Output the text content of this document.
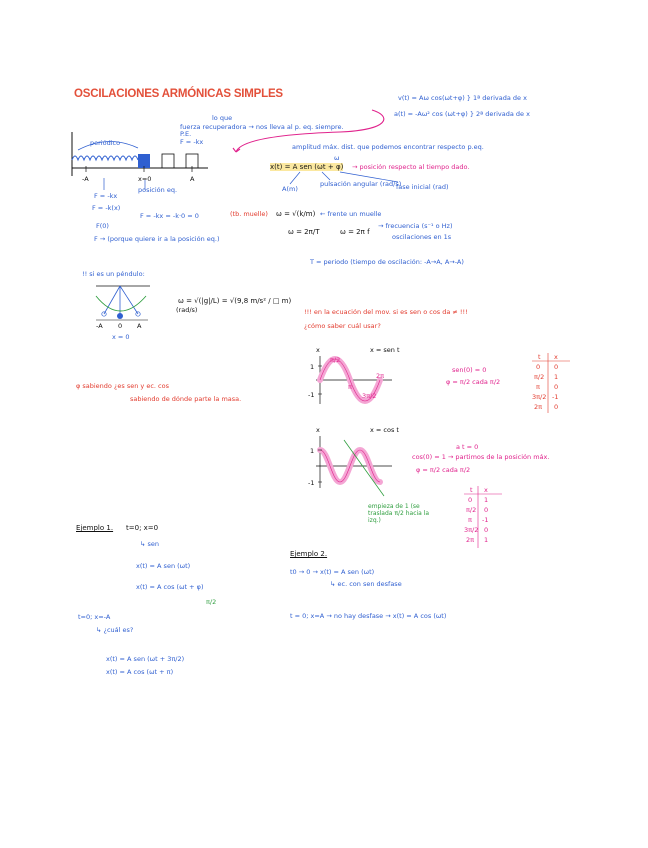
OSCILACIONES ARMÓNICAS SIMPLES	v(t) = Aω cos(ωt+φ) } 1ª derivada de x
a(t) = -Aω² cos (ωt+φ) } 2ª derivada de x
periódico
lo que
fuerza recuperadora → nos lleva al p. eq. siempre.
P.E.
F = -kx
-A	x=0	A
posición eq.
F = -kx
F = -k(x)
F(0)
F = -kx = -k·0 = 0
F → (porque quiere ir a la posición eq.)
amplitud máx. dist. que podemos encontrar respecto p.eq.
x(t) = A sen (ωt + φ)
ω
→ posición respecto al tiempo dado.
A(m)
pulsación angular (rad/s)
fase inicial (rad)
(tb. muelle) ω = √(k/m) ← frente un muelle
ω = 2π/T	ω = 2π f
→ frecuencia (s⁻¹ o Hz)
oscilaciones en 1s
T = periodo (tiempo de oscilación: -A→A, A→-A)
!! si es un péndulo:
-A 0 A
x = 0
ω = √(|g|/L) = √(9,8 m/s² / □ m)
(rad/s)	!!! en la ecuación del mov. si es sen o cos da ≠ !!!
¿cómo saber cuál usar?
φ sabiendo ¿es sen y ec. cos
sabiendo de dónde parte la masa.
x	x = sen t
1
-1
π/2
π
3π/2
2π
sen(0) = 0
φ = π/2 cada π/2
t x
0 0
π/2 1
π 0
3π/2 -1
2π 0
x	x = cos t
1
-1
a t = 0
cos(0) = 1 → partimos de la posición máx.
φ = π/2 cada π/2
empieza de 1 (se traslada π/2 hacia la izq.)
t x
0 1
π/2 0
π -1
3π/2 0
2π 1
Ejemplo 1. t=0; x=0
↳ sen
x(t) = A sen (ωt)
x(t) = A cos (ωt + φ)
π/2
t=0; x=-A
↳ ¿cuál es?
x(t) = A sen (ωt + 3π/2)
x(t) = A cos (ωt + π)
Ejemplo 2.
t0 → 0 → x(t) = A sen (ωt)
↳ ec. con sen desfase
t = 0; x=A → no hay desfase → x(t) = A cos (ωt)
